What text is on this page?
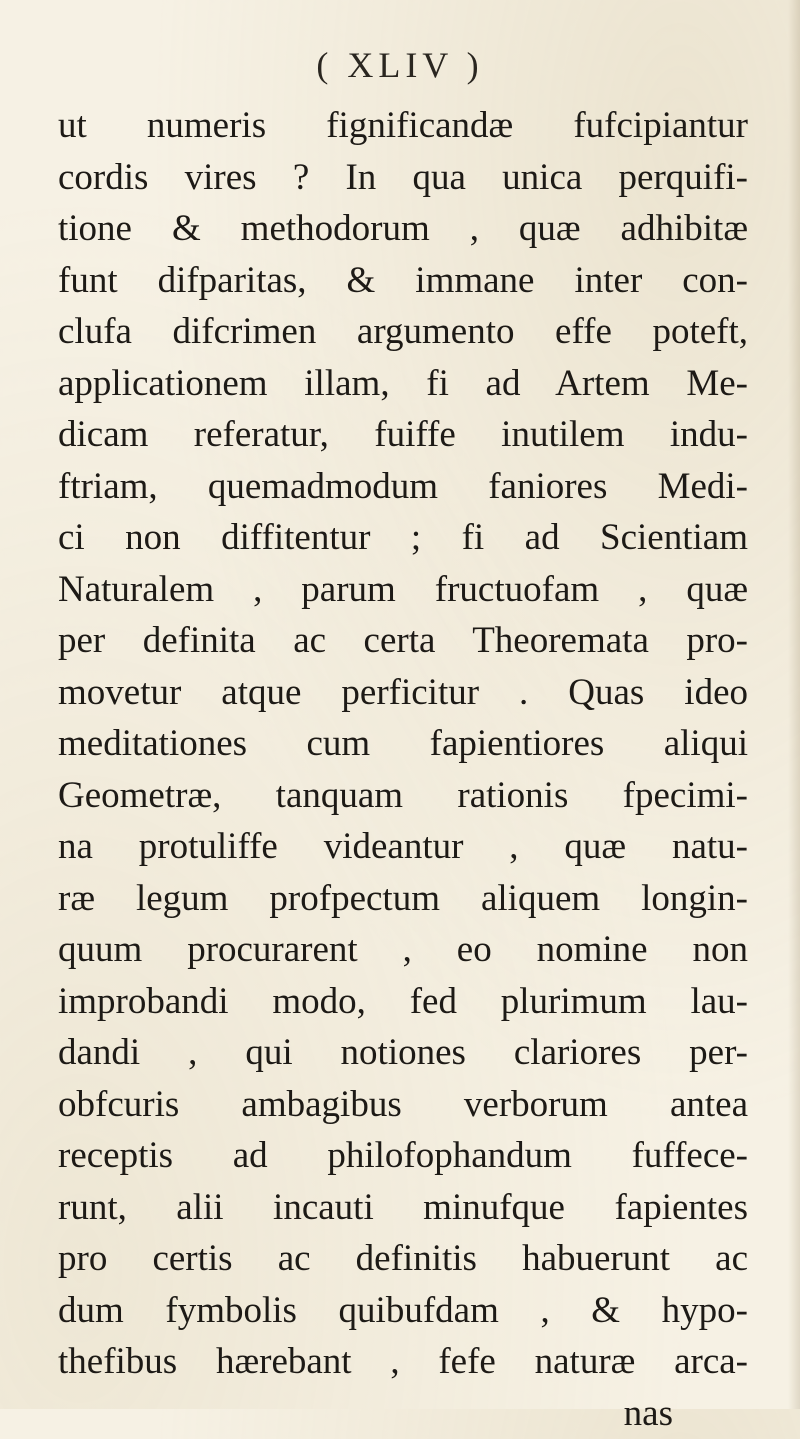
( XLIV )
ut numeris fignificandæ fufcipiantur
cordis vires ? In qua unica perquifi-
tione & methodorum , quæ adhibitæ
funt difparitas, & immane inter con-
clufa difcrimen argumento effe poteft,
applicationem illam, fi ad Artem Me-
dicam referatur, fuiffe inutilem indu-
ftriam, quemadmodum faniores Medi-
ci non diffitentur ; fi ad Scientiam
Naturalem , parum fructuofam , quæ
per definita ac certa Theoremata pro-
movetur atque perficitur . Quas ideo
meditationes cum fapientiores aliqui
Geometræ, tanquam rationis fpecimi-
na protuliffe videantur , quæ natu-
ræ legum profpectum aliquem longin-
quum procurarent , eo nomine non
improbandi modo, fed plurimum lau-
dandi , qui notiones clariores per-
obfcuris ambagibus verborum antea
receptis ad philofophandum fuffece-
runt, alii incauti minufque fapientes
pro certis ac definitis habuerunt ac
dum fymbolis quibufdam , & hypo-
thefibus hærebant , fefe naturæ arca-
nas
